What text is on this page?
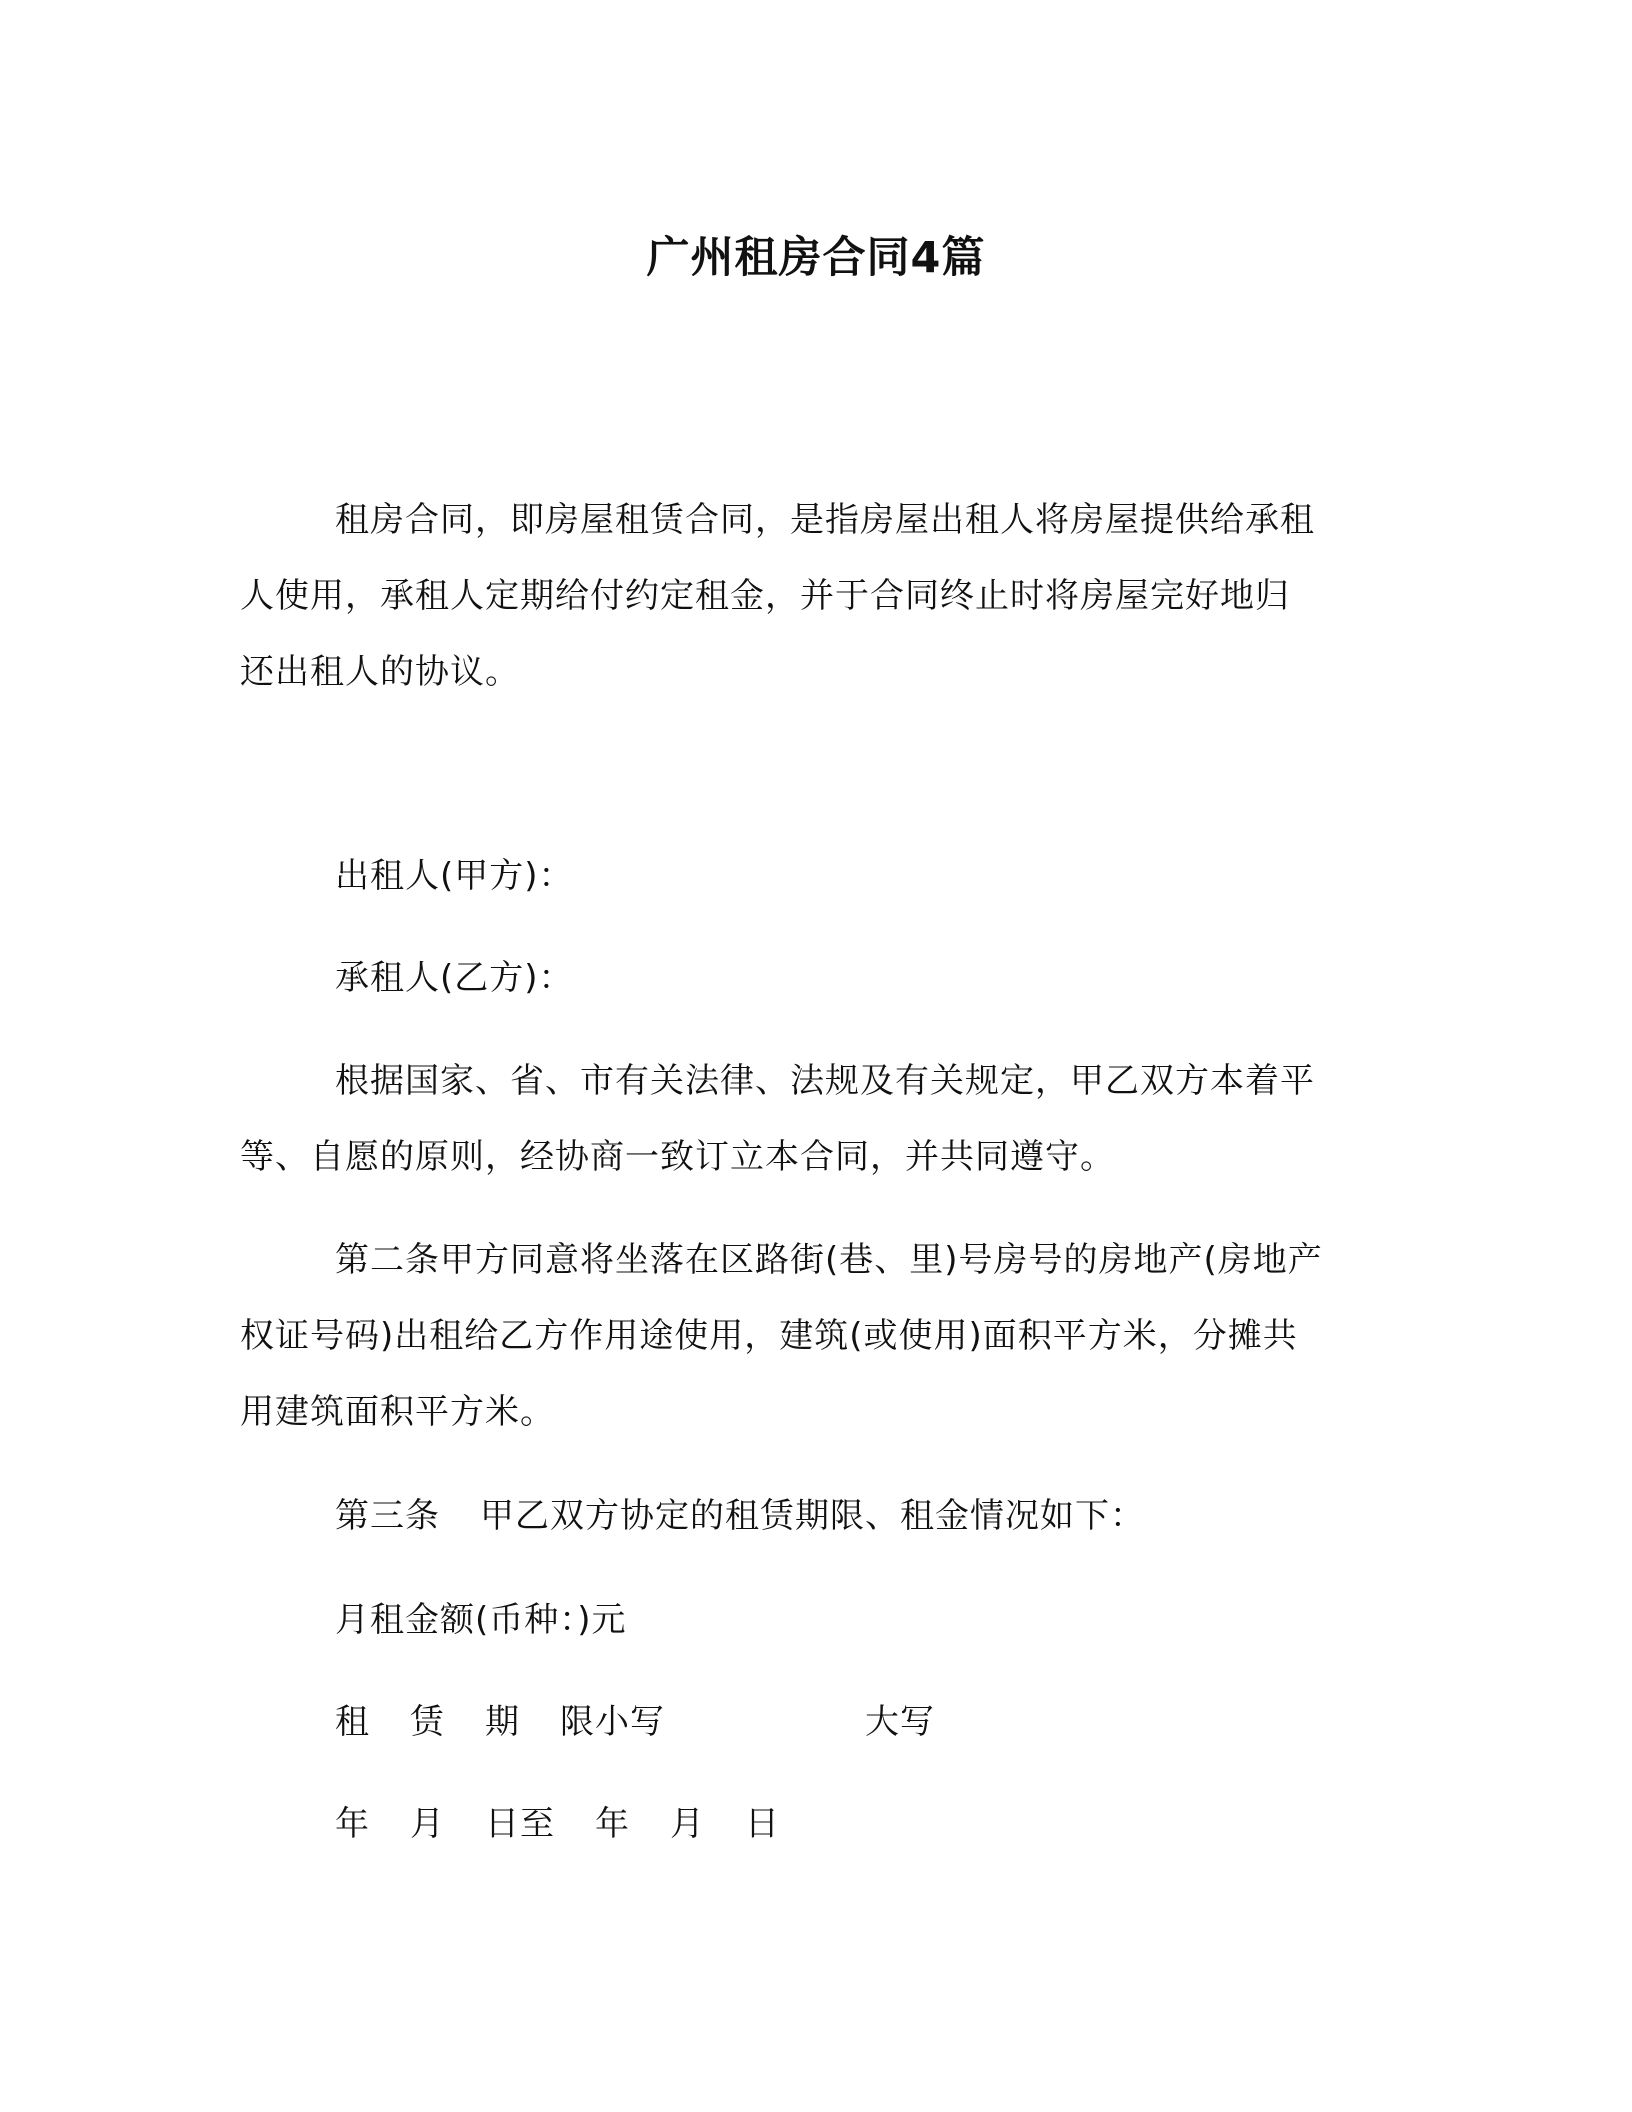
广州租房合同4篇
租房合同，即房屋租赁合同，是指房屋出租人将房屋提供给承租
人使用，承租人定期给付约定租金，并于合同终止时将房屋完好地归
还出租人的协议。
出租人(甲方)：
承租人(乙方)：
根据国家、省、市有关法律、法规及有关规定，甲乙双方本着平
等、自愿的原则，经协商一致订立本合同，并共同遵守。
第二条甲方同意将坐落在区路街(巷、里)号房号的房地产(房地产
权证号码)出租给乙方作用途使用，建筑(或使用)面积平方米，分摊共
用建筑面积平方米。
第三条 甲乙双方协定的租赁期限、租金情况如下：
月租金额(币种：)元
租 赁 期 限小写	大写
年 月 日至 年 月 日
